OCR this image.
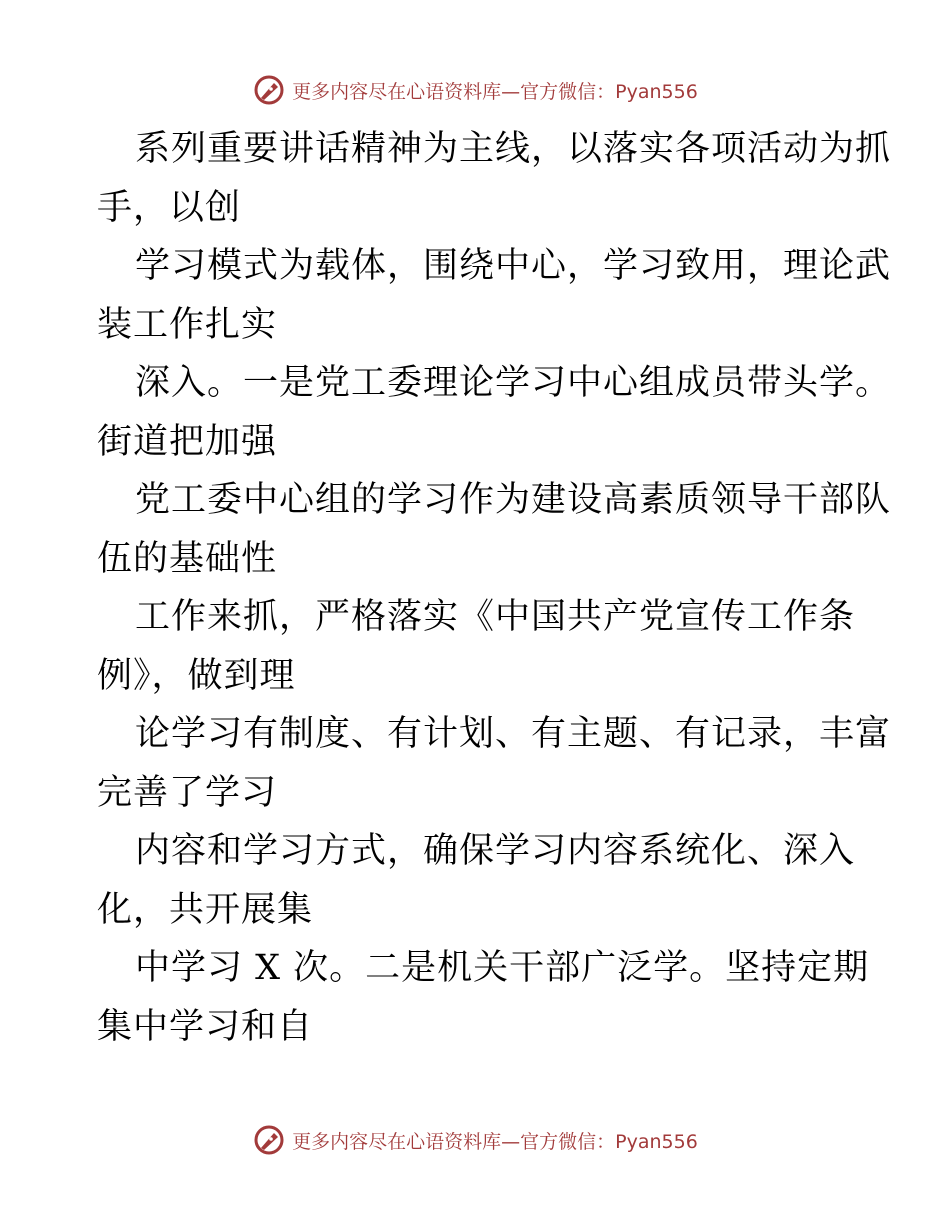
更多内容尽在心语资料库—官方微信：Pyan556
系列重要讲话精神为主线，以落实各项活动为抓
手，以创
学习模式为载体，围绕中心，学习致用，理论武
装工作扎实
深入。一是党工委理论学习中心组成员带头学。
街道把加强
党工委中心组的学习作为建设高素质领导干部队
伍的基础性
工作来抓，严格落实《中国共产党宣传工作条
例》，做到理
论学习有制度、有计划、有主题、有记录，丰富
完善了学习
内容和学习方式，确保学习内容系统化、深入
化，共开展集
中学习 X 次。二是机关干部广泛学。坚持定期
集中学习和自
更多内容尽在心语资料库—官方微信：Pyan556
